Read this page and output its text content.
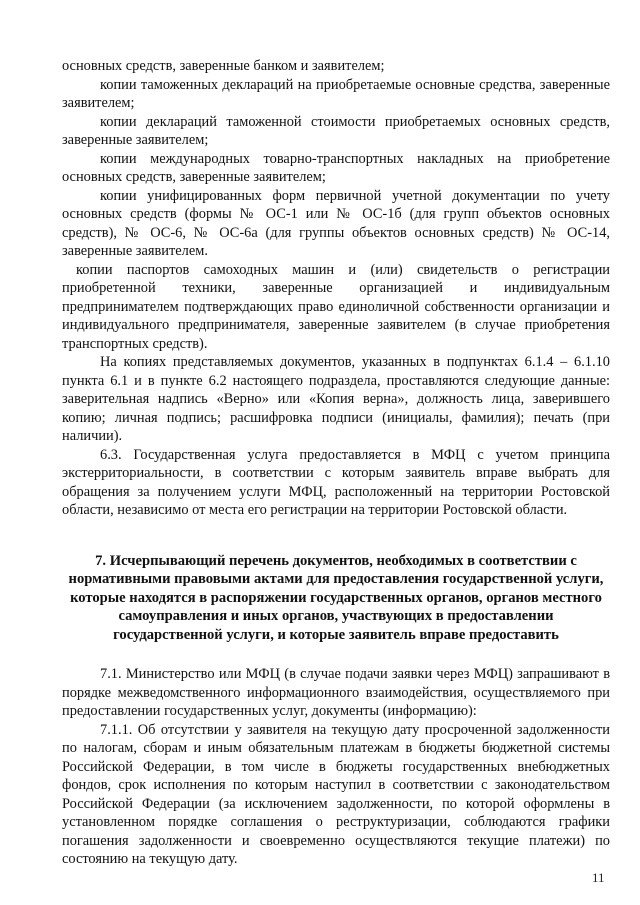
основных средств, заверенные банком и заявителем;

копии таможенных деклараций на приобретаемые основные средства, заверенные заявителем;

копии деклараций таможенной стоимости приобретаемых основных средств, заверенные заявителем;

копии международных товарно-транспортных накладных на приобретение основных средств, заверенные заявителем;

копии унифицированных форм первичной учетной документации по учету основных средств (формы № ОС-1 или № ОС-1б (для групп объектов основных средств), № ОС-6, № ОС-6а (для группы объектов основных средств) № ОС-14, заверенные заявителем.

копии паспортов самоходных машин и (или) свидетельств о регистрации приобретенной техники, заверенные организацией и индивидуальным предпринимателем подтверждающих право единоличной собственности организации и индивидуального предпринимателя, заверенные заявителем (в случае приобретения транспортных средств).

На копиях представляемых документов, указанных в подпунктах 6.1.4 – 6.1.10 пункта 6.1 и в пункте 6.2 настоящего подраздела, проставляются следующие данные: заверительная надпись «Верно» или «Копия верна», должность лица, заверившего копию; личная подпись; расшифровка подписи (инициалы, фамилия); печать (при наличии).

6.3. Государственная услуга предоставляется в МФЦ с учетом принципа экстерриториальности, в соответствии с которым заявитель вправе выбрать для обращения за получением услуги МФЦ, расположенный на территории Ростовской области, независимо от места его регистрации на территории Ростовской области.

7. Исчерпывающий перечень документов, необходимых в соответствии с нормативными правовыми актами для предоставления государственной услуги, которые находятся в распоряжении государственных органов, органов местного самоуправления и иных органов, участвующих в предоставлении государственной услуги, и которые заявитель вправе предоставить

7.1. Министерство или МФЦ (в случае подачи заявки через МФЦ) запрашивают в порядке межведомственного информационного взаимодействия, осуществляемого при предоставлении государственных услуг, документы (информацию):

7.1.1. Об отсутствии у заявителя на текущую дату просроченной задолженности по налогам, сборам и иным обязательным платежам в бюджеты бюджетной системы Российской Федерации, в том числе в бюджеты государственных внебюджетных фондов, срок исполнения по которым наступил в соответствии с законодательством Российской Федерации (за исключением задолженности, по которой оформлены в установленном порядке соглашения о реструктуризации, соблюдаются графики погашения задолженности и своевременно осуществляются текущие платежи) по состоянию на текущую дату.

11
